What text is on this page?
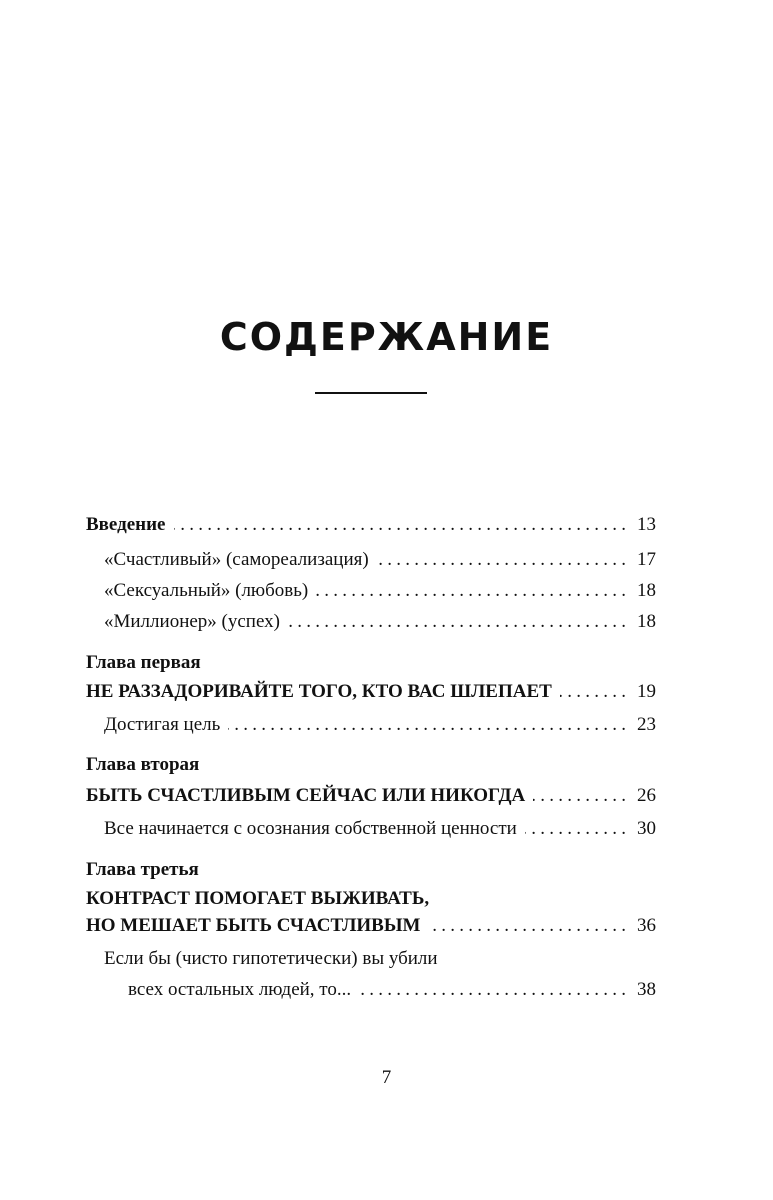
СОДЕРЖАНИЕ
Введение . . .	13
«Счастливый» (самореализация) . . .	17
«Сексуальный» (любовь) . . .	18
«Миллионер» (успех) . . .	18
Глава первая
НЕ РАЗЗАДОРИВАЙТЕ ТОГО, КТО ВАС ШЛЕПАЕТ . . .	19
Достигая цель . . .	23
Глава вторая
БЫТЬ СЧАСТЛИВЫМ СЕЙЧАС ИЛИ НИКОГДА . . .	26
Все начинается с осознания собственной ценности . . .	30
Глава третья
КОНТРАСТ ПОМОГАЕТ ВЫЖИВАТЬ,
НО МЕШАЕТ БЫТЬ СЧАСТЛИВЫМ . . .	36
Если бы (чисто гипотетически) вы убили
всех остальных людей, то... . . .	38
7
